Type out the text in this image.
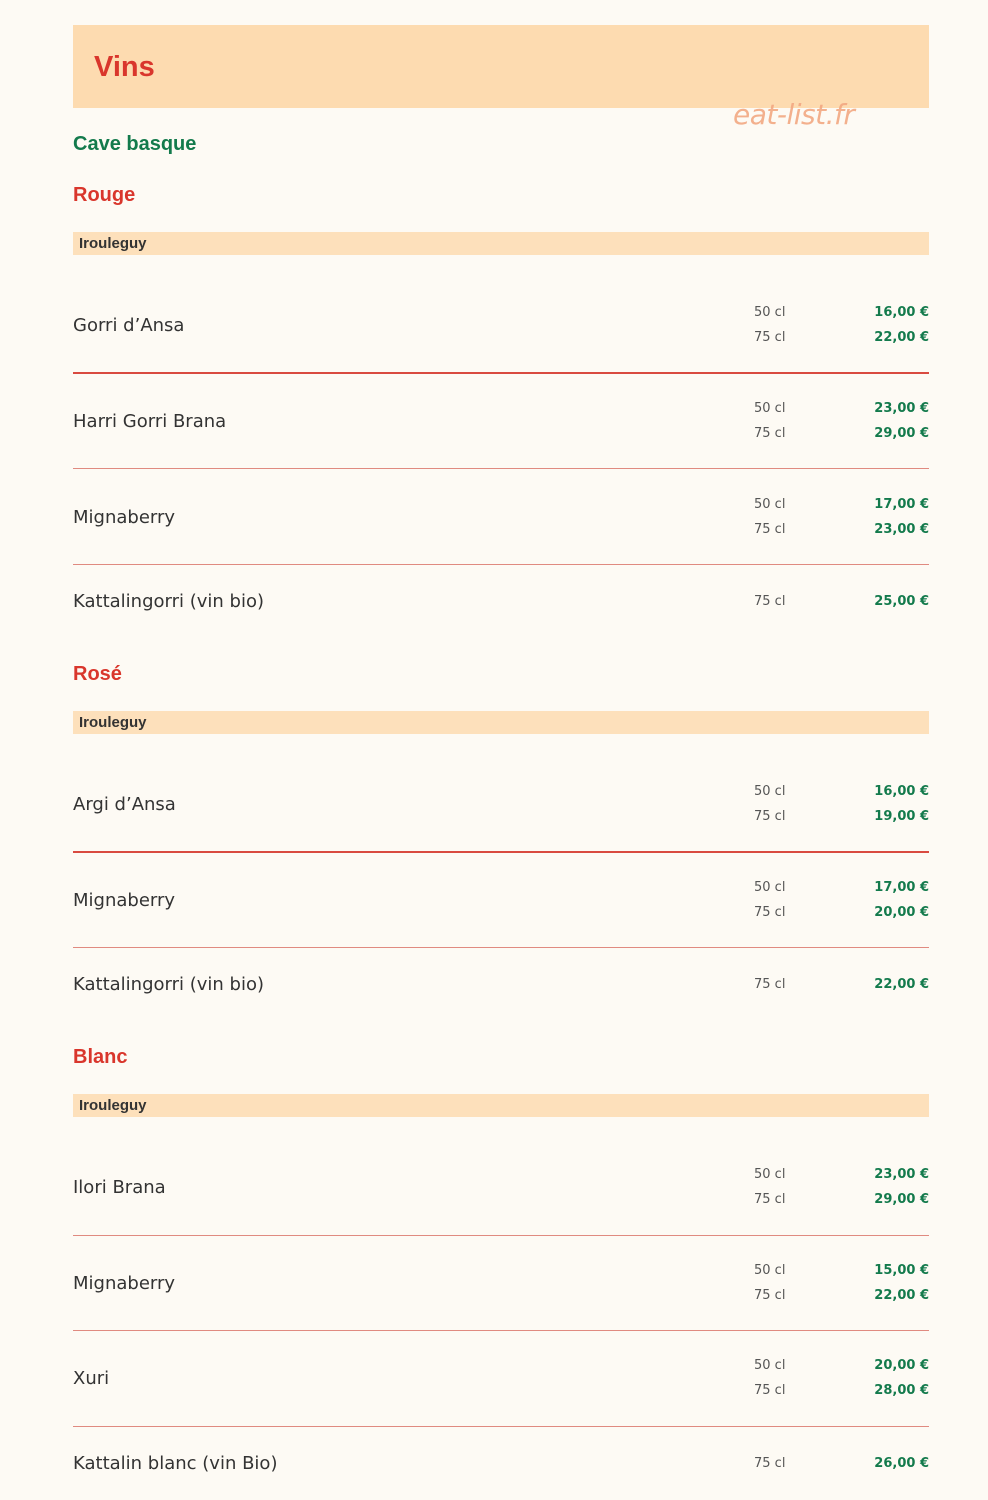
Vins
eat-list.fr
Cave basque
Rouge
Irouleguy
Gorri d’Ansa
50 cl	16,00 €
75 cl	22,00 €
Harri Gorri Brana
50 cl	23,00 €
75 cl	29,00 €
Mignaberry
50 cl	17,00 €
75 cl	23,00 €
Kattalingorri (vin bio)	75 cl	25,00 €
Rosé
Irouleguy
Argi d’Ansa
50 cl	16,00 €
75 cl	19,00 €
Mignaberry
50 cl	17,00 €
75 cl	20,00 €
Kattalingorri (vin bio)	75 cl	22,00 €
Blanc
Irouleguy
Ilori Brana
50 cl	23,00 €
75 cl	29,00 €
Mignaberry
50 cl	15,00 €
75 cl	22,00 €
Xuri
50 cl	20,00 €
75 cl	28,00 €
Kattalin blanc (vin Bio)	75 cl	26,00 €
